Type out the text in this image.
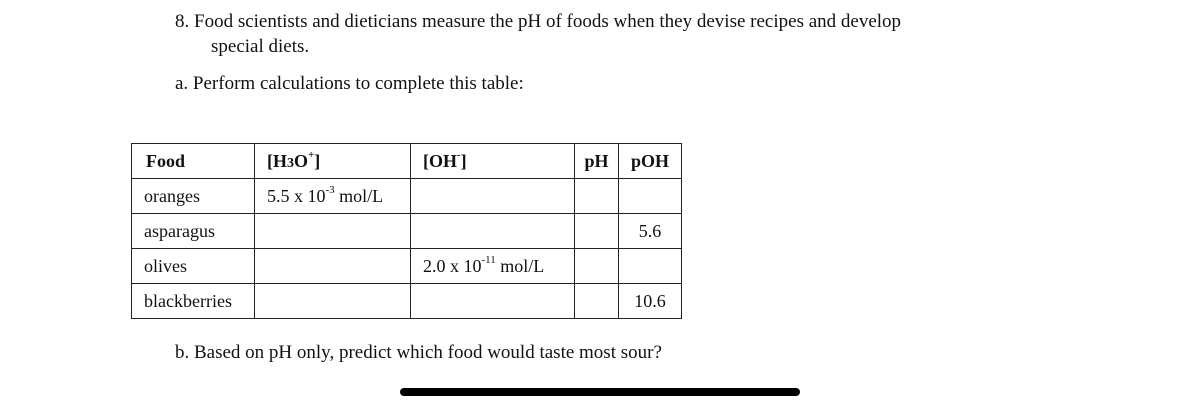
8. Food scientists and dieticians measure the pH of foods when they devise recipes and develop
special diets.
a. Perform calculations to complete this table:
Food	[H3O+]	[OH-]	pH	pOH
oranges	5.5 x $10^{-3}$ mol/L			
asparagus				5.6
olives		2.0 x $10^{-11}$ mol/L		
blackberries				10.6
b. Based on pH only, predict which food would taste most sour?
